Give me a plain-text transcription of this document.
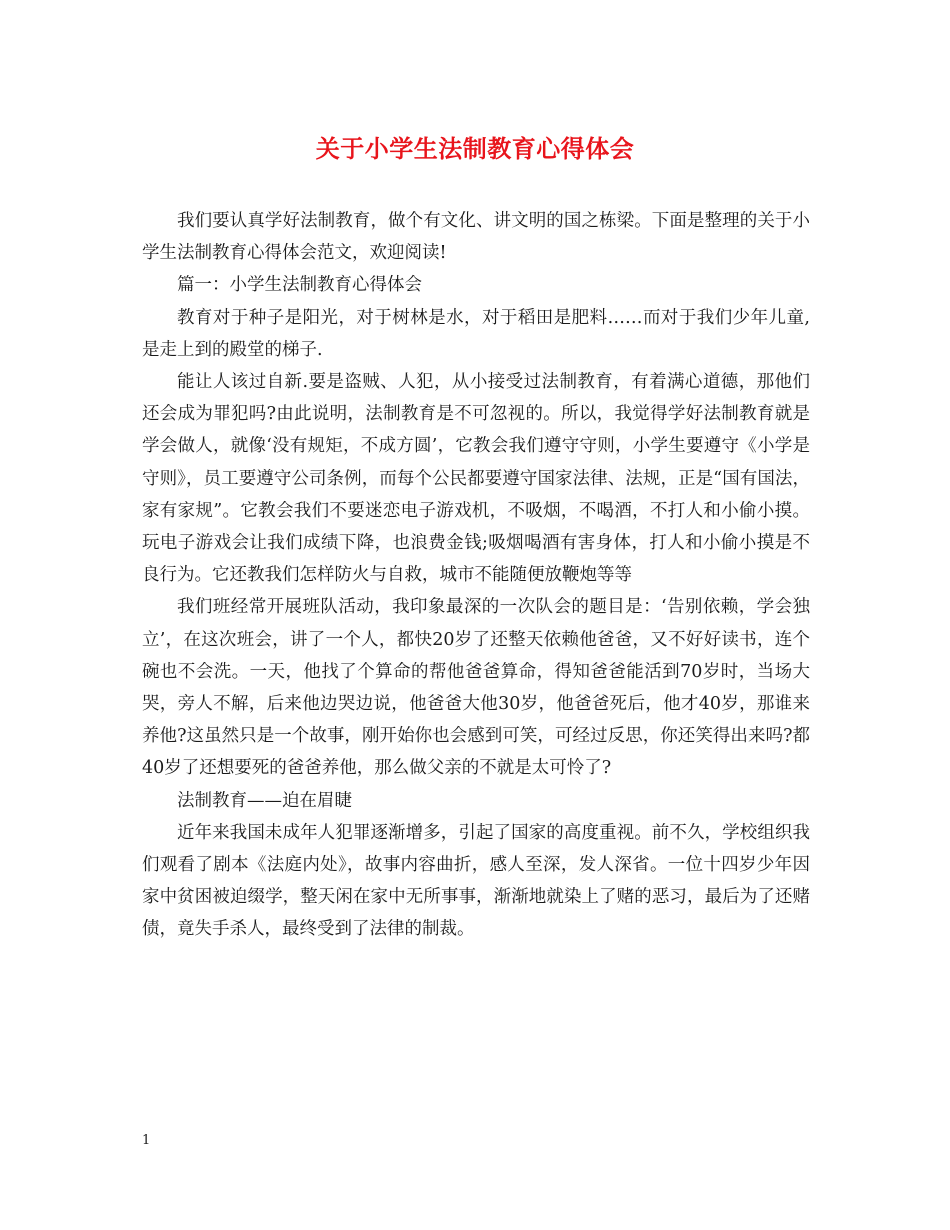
关于小学生法制教育心得体会

我们要认真学好法制教育，做个有文化、讲文明的国之栋梁。下面是整理的关于小学生法制教育心得体会范文，欢迎阅读!

篇一：小学生法制教育心得体会

教育对于种子是阳光，对于树林是水，对于稻田是肥料……而对于我们少年儿童,是走上到的殿堂的梯子.

能让人该过自新.要是盗贼、人犯，从小接受过法制教育，有着满心道德，那他们还会成为罪犯吗?由此说明，法制教育是不可忽视的。所以，我觉得学好法制教育就是学会做人，就像‘没有规矩，不成方圆’，它教会我们遵守守则，小学生要遵守《小学是守则》，员工要遵守公司条例，而每个公民都要遵守国家法律、法规，正是“国有国法，家有家规”。它教会我们不要迷恋电子游戏机，不吸烟，不喝酒，不打人和小偷小摸。玩电子游戏会让我们成绩下降，也浪费金钱;吸烟喝酒有害身体，打人和小偷小摸是不良行为。它还教我们怎样防火与自救，城市不能随便放鞭炮等等

我们班经常开展班队活动，我印象最深的一次队会的题目是：‘告别依赖，学会独立’，在这次班会，讲了一个人，都快20岁了还整天依赖他爸爸，又不好好读书，连个碗也不会洗。一天，他找了个算命的帮他爸爸算命，得知爸爸能活到70岁时，当场大哭，旁人不解，后来他边哭边说，他爸爸大他30岁，他爸爸死后，他才40岁，那谁来养他?这虽然只是一个故事，刚开始你也会感到可笑，可经过反思，你还笑得出来吗?都40岁了还想要死的爸爸养他，那么做父亲的不就是太可怜了?

法制教育——迫在眉睫

近年来我国未成年人犯罪逐渐增多，引起了国家的高度重视。前不久，学校组织我们观看了剧本《法庭内处》，故事内容曲折，感人至深，发人深省。一位十四岁少年因家中贫困被迫缀学，整天闲在家中无所事事，渐渐地就染上了赌的恶习，最后为了还赌债，竟失手杀人，最终受到了法律的制裁。

1
